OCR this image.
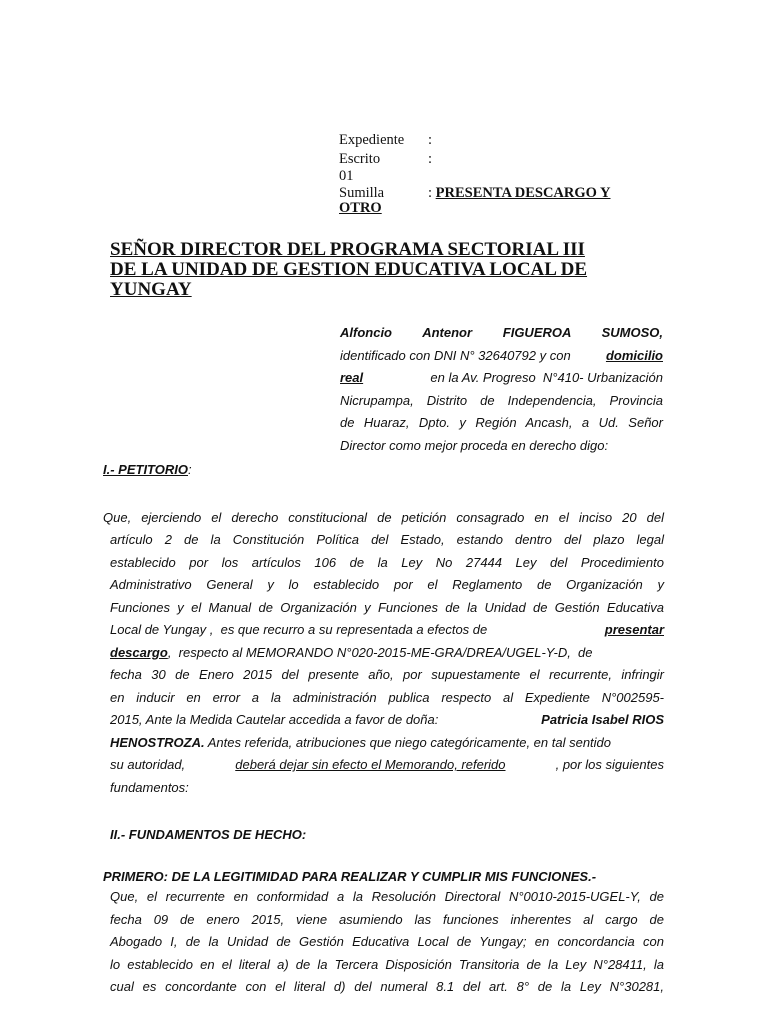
Expediente :
Escrito	:
01
Sumilla	: PRESENTA DESCARGO Y
OTRO
SEÑOR DIRECTOR DEL PROGRAMA SECTORIAL III
DE LA UNIDAD DE GESTION EDUCATIVA LOCAL DE
YUNGAY
Alfoncio Antenor FIGUEROA SUMOSO,
identificado con DNI N° 32640792 y con	domicilio
real	en la Av. Progreso  N°410- Urbanización
Nicrupampa, Distrito de Independencia, Provincia
de Huaraz, Dpto. y Región Ancash, a Ud. Señor
Director como mejor proceda en derecho digo:
I.- PETITORIO:
Que, ejerciendo el derecho constitucional de petición consagrado en el inciso 20 del
artículo 2 de la Constitución Política del Estado, estando dentro del plazo legal
establecido por los artículos 106 de la Ley No 27444 Ley del Procedimiento
Administrativo General y lo establecido por el Reglamento de Organización y
Funciones y el Manual de Organización y Funciones de la Unidad de Gestión Educativa
Local de Yungay ,  es que recurro a su representada a efectos de	presentar
descargo ,  respecto al MEMORANDO N°020-2015-ME-GRA/DREA/UGEL-Y-D,  de
fecha 30 de Enero 2015 del presente año, por supuestamente el recurrente, infringir
en inducir en error a la administración publica respecto al Expediente N°002595-
2015, Ante la Medida Cautelar accedida a favor de doña:	Patricia Isabel RIOS
HENOSTROZA. Antes referida, atribuciones que niego categóricamente, en tal sentido
su autoridad,	deberá dejar sin efecto el Memorando, referido	, por los siguientes
fundamentos:
II.- FUNDAMENTOS DE HECHO:
PRIMERO: DE LA LEGITIMIDAD PARA REALIZAR Y CUMPLIR MIS FUNCIONES.-
Que, el recurrente en conformidad a la Resolución Directoral N°0010-2015-UGEL-Y, de
fecha 09 de enero 2015, viene asumiendo las funciones inherentes al cargo de
Abogado I, de la Unidad de Gestión Educativa Local de Yungay; en concordancia con
lo establecido en el literal a) de la Tercera Disposición Transitoria de la Ley N°28411, la
cual es concordante con el literal d) del numeral 8.1 del art. 8° de la Ley N°30281,
